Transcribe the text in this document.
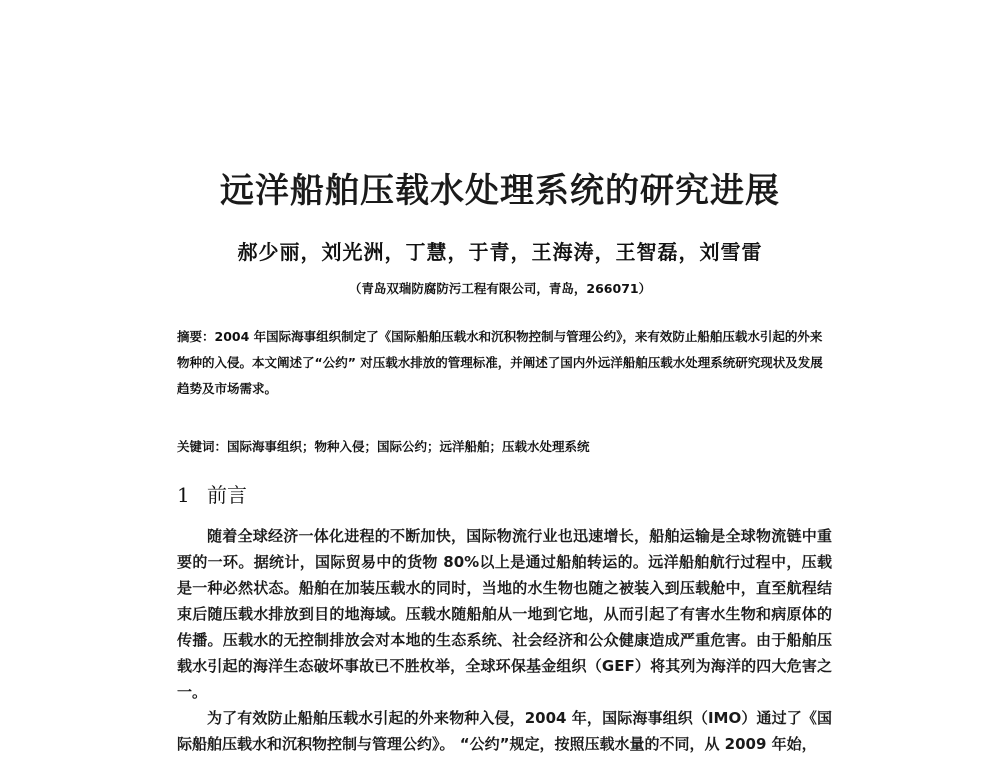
远洋船舶压载水处理系统的研究进展
郝少丽，刘光洲，丁慧，于青，王海涛，王智磊，刘雪雷
（青岛双瑞防腐防污工程有限公司，青岛，266071）

摘要：2004 年国际海事组织制定了《国际船舶压载水和沉积物控制与管理公约》，来有效防止船舶压载水引起的外来物种的入侵。本文阐述了“公约” 对压载水排放的管理标准，并阐述了国内外远洋船舶压载水处理系统研究现状及发展趋势及市场需求。

关键词：国际海事组织；物种入侵；国际公约；远洋船舶；压载水处理系统

1 前言

随着全球经济一体化进程的不断加快，国际物流行业也迅速增长，船舶运输是全球物流链中重要的一环。据统计，国际贸易中的货物 80%以上是通过船舶转运的。远洋船舶航行过程中，压载是一种必然状态。船舶在加装压载水的同时，当地的水生物也随之被装入到压载舱中，直至航程结束后随压载水排放到目的地海域。压载水随船舶从一地到它地，从而引起了有害水生物和病原体的传播。压载水的无控制排放会对本地的生态系统、社会经济和公众健康造成严重危害。由于船舶压载水引起的海洋生态破坏事故已不胜枚举，全球环保基金组织（GEF）将其列为海洋的四大危害之一。

为了有效防止船舶压载水引起的外来物种入侵，2004 年，国际海事组织（IMO）通过了《国际船舶压载水和沉积物控制与管理公约》。 “公约”规定，按照压载水量的不同，从 2009 年始，
